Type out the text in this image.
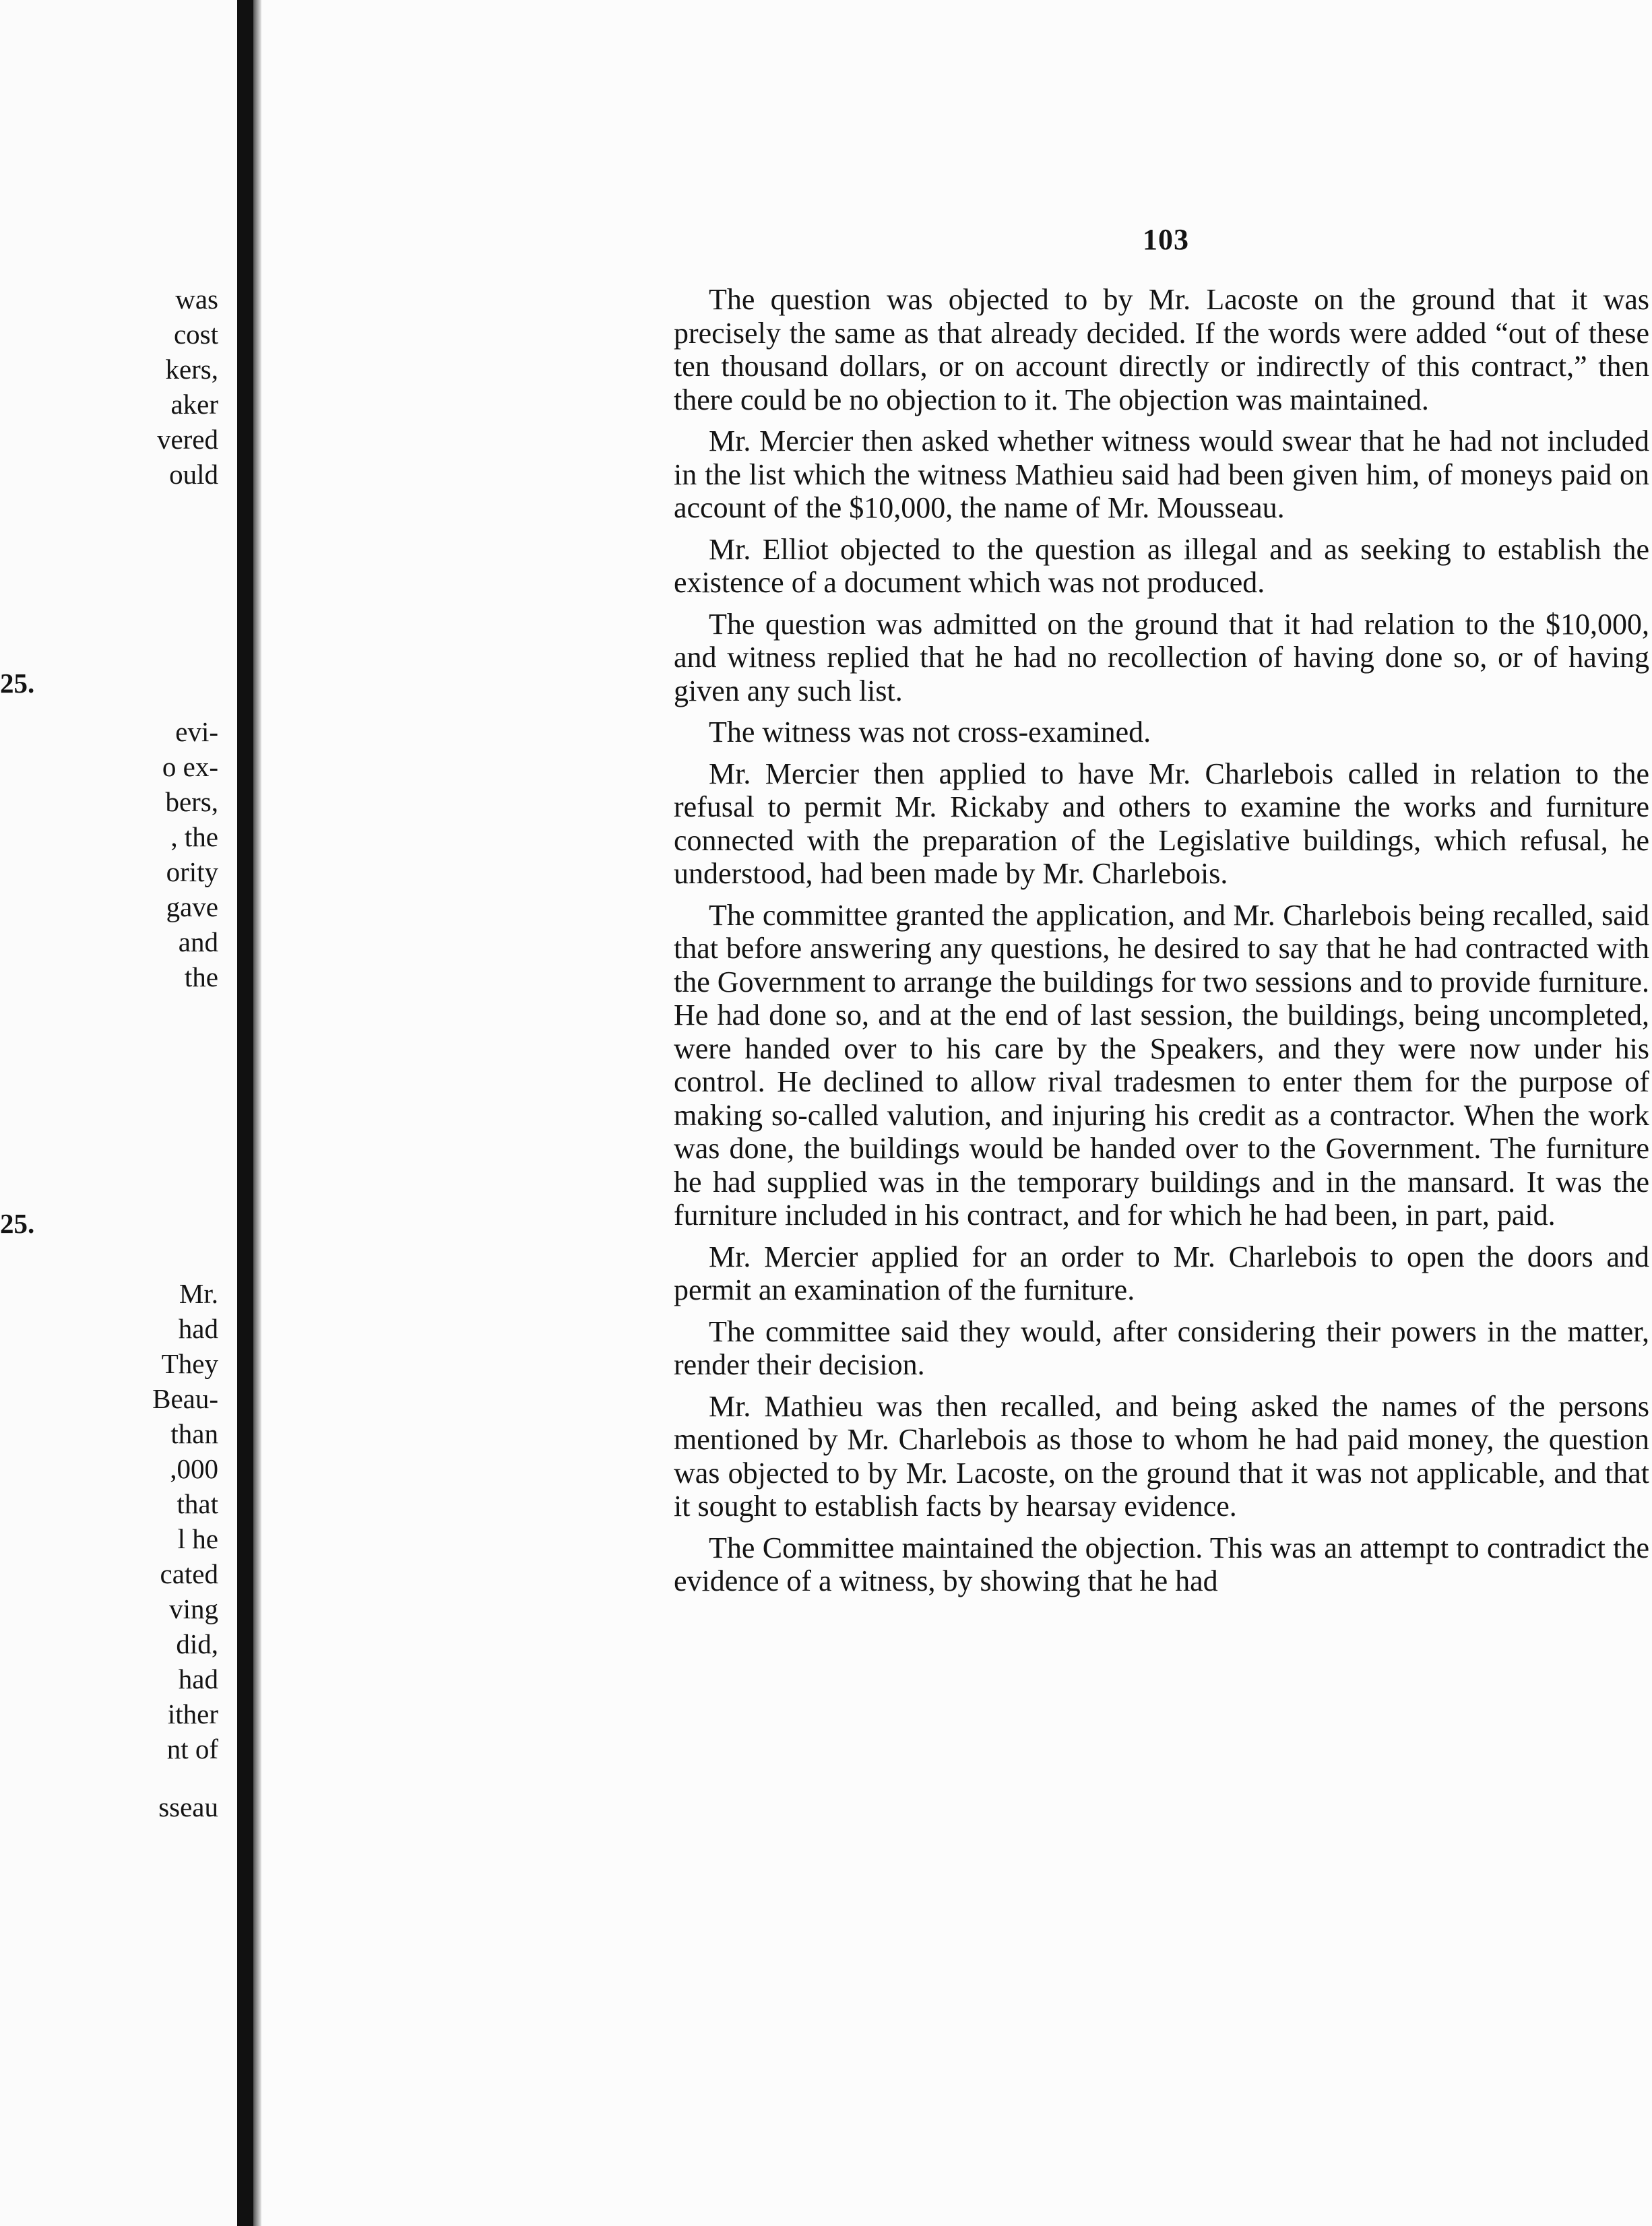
was
cost
kers,
aker
vered
ould
25.
evi-
o ex-
bers,
, the
ority
gave
and
the
25.
Mr.
had
They
Beau-
than
,000
that
l he
cated
ving
did,
had
ither
nt of
sseau
103

The question was objected to by Mr. Lacoste on the ground that it was precisely the same as that already decided. If the words were added “out of these ten thousand dollars, or on account directly or indirectly of this contract,” then there could be no objection to it. The objection was maintained.

Mr. Mercier then asked whether witness would swear that he had not included in the list which the witness Mathieu said had been given him, of moneys paid on account of the $10,000, the name of Mr. Mousseau.

Mr. Elliot objected to the question as illegal and as seeking to establish the existence of a document which was not produced.

The question was admitted on the ground that it had relation to the $10,000, and witness replied that he had no recollection of having done so, or of having given any such list.

The witness was not cross-examined.

Mr. Mercier then applied to have Mr. Charlebois called in relation to the refusal to permit Mr. Rickaby and others to examine the works and furniture connected with the preparation of the Legislative buildings, which refusal, he understood, had been made by Mr. Charlebois.

The committee granted the application, and Mr. Charlebois being recalled, said that before answering any questions, he desired to say that he had contracted with the Government to arrange the buildings for two sessions and to provide furniture. He had done so, and at the end of last session, the buildings, being uncompleted, were handed over to his care by the Speakers, and they were now under his control. He declined to allow rival tradesmen to enter them for the purpose of making so-called valution, and injuring his credit as a contractor. When the work was done, the buildings would be handed over to the Government. The furniture he had supplied was in the temporary buildings and in the mansard. It was the furniture included in his contract, and for which he had been, in part, paid.

Mr. Mercier applied for an order to Mr. Charlebois to open the doors and permit an examination of the furniture.

The committee said they would, after considering their powers in the matter, render their decision.

Mr. Mathieu was then recalled, and being asked the names of the persons mentioned by Mr. Charlebois as those to whom he had paid money, the question was objected to by Mr. Lacoste, on the ground that it was not applicable, and that it sought to establish facts by hearsay evidence.

The Committee maintained the objection. This was an attempt to contradict the evidence of a witness, by showing that he had
